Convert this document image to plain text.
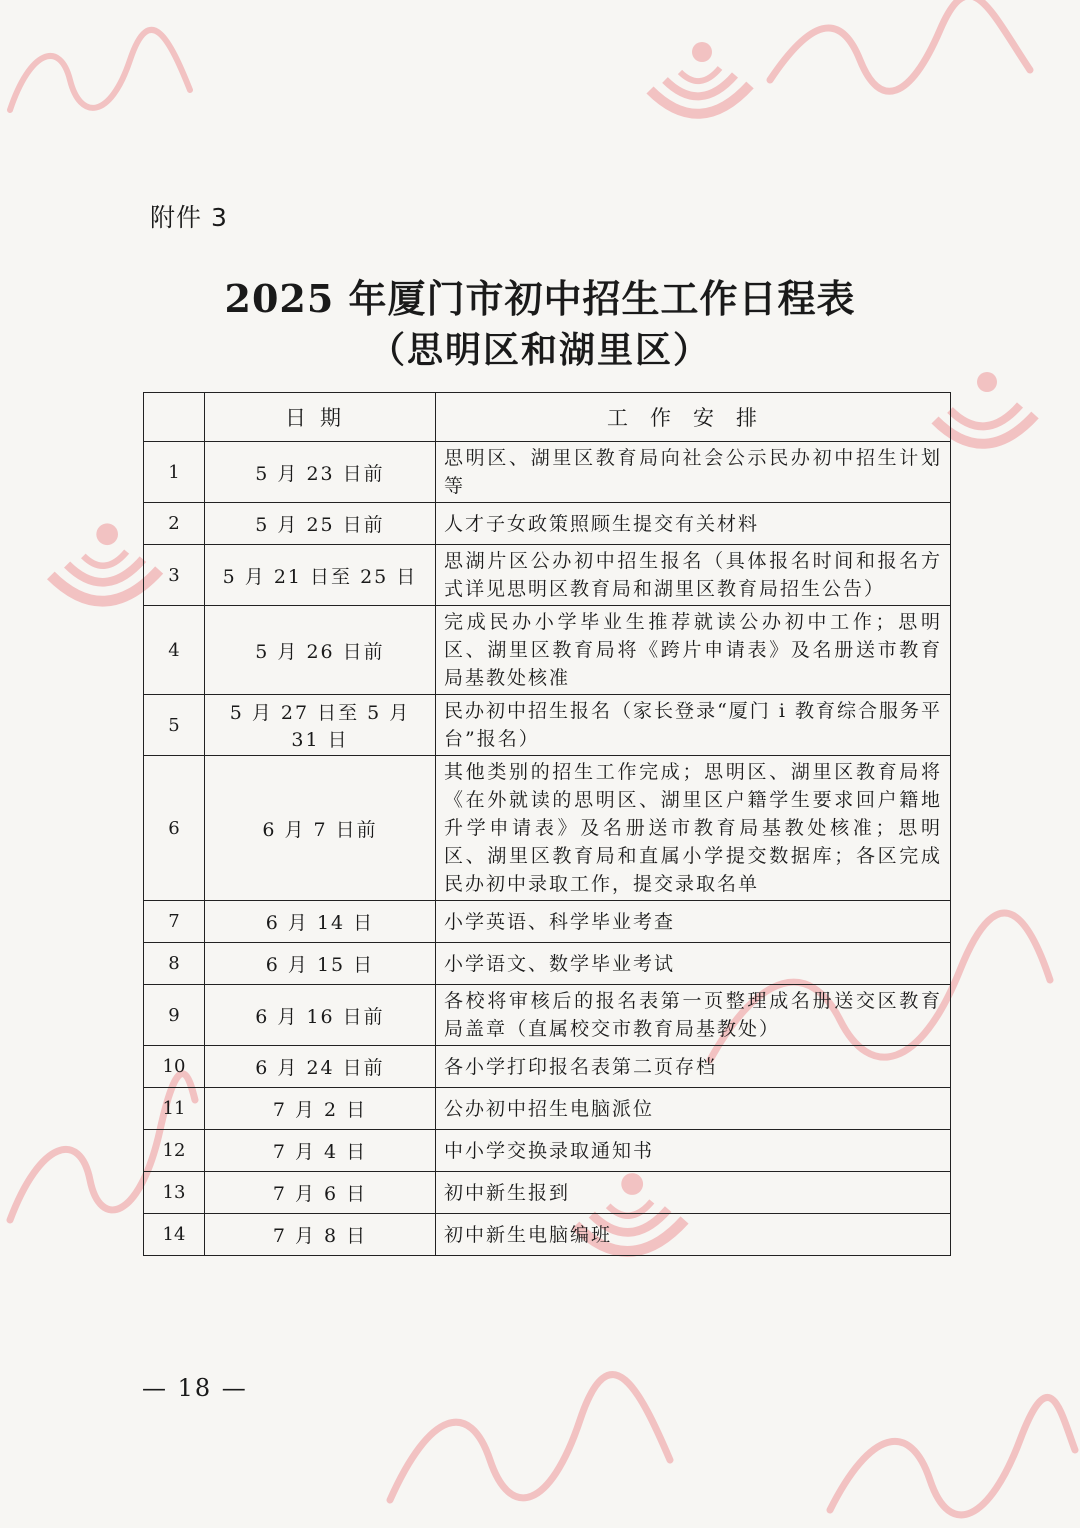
附件 3
2025 年厦门市初中招生工作日程表
（思明区和湖里区）
	日期	工作安排
1	5 月 23 日前	思明区、湖里区教育局向社会公示民办初中招生计划等
2	5 月 25 日前	人才子女政策照顾生提交有关材料
3	5 月 21 日至 25 日	思湖片区公办初中招生报名（具体报名时间和报名方式详见思明区教育局和湖里区教育局招生公告）
4	5 月 26 日前	完成民办小学毕业生推荐就读公办初中工作；思明区、湖里区教育局将《跨片申请表》及名册送市教育局基教处核准
5	5 月 27 日至 5 月 31 日	民办初中招生报名（家长登录“厦门 i 教育综合服务平台”报名）
6	6 月 7 日前	其他类别的招生工作完成；思明区、湖里区教育局将《在外就读的思明区、湖里区户籍学生要求回户籍地升学申请表》及名册送市教育局基教处核准；思明区、湖里区教育局和直属小学提交数据库；各区完成民办初中录取工作，提交录取名单
7	6 月 14 日	小学英语、科学毕业考查
8	6 月 15 日	小学语文、数学毕业考试
9	6 月 16 日前	各校将审核后的报名表第一页整理成名册送交区教育局盖章（直属校交市教育局基教处）
10	6 月 24 日前	各小学打印报名表第二页存档
11	7 月 2 日	公办初中招生电脑派位
12	7 月 4 日	中小学交换录取通知书
13	7 月 6 日	初中新生报到
14	7 月 8 日	初中新生电脑编班
— 18 —
